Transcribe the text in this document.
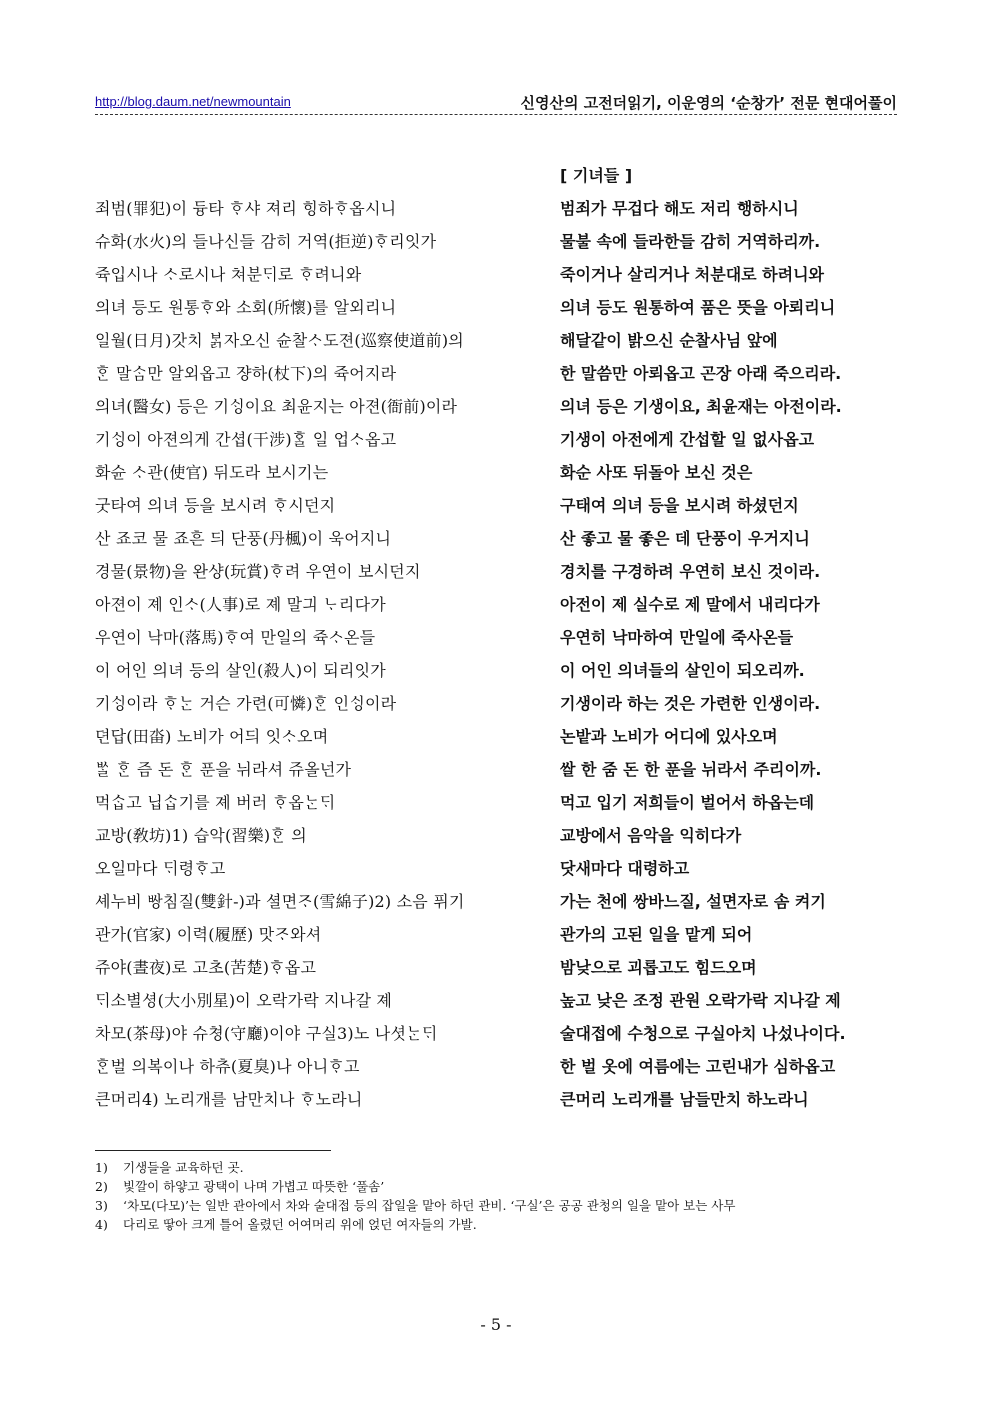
http://blog.daum.net/newmountain	신영산의 고전더읽기, 이운영의 ‘순창가’ 전문 현대어풀이
[ 기녀들 ]
죄범(罪犯)이 듕타 ᄒᆞ샤 져리 힝하ᄒᆞ옵시니
슈화(水火)의 들나신들 감히 거역(拒逆)ᄒᆞ리잇가
쥭입시나 ᄉᆞ로시나 쳐분ᄃᆡ로 ᄒᆞ려니와
의녀 등도 원통ᄒᆞ와 소회(所懷)를 알외리니
일월(日月)갓치 ᄇᆞᆰ자오신 슌찰ᄉᆞ도젼(巡察使道前)의
ᄒᆞᆫ 말ᄉᆞᆷ만 알외옵고 쟝하(杖下)의 쥭어지라
의녀(醫女) 등은 기ᄉᆡᆼ이요 최윤지는 아젼(衙前)이라
기ᄉᆡᆼ이 아젼의게 간셥(干涉)ᄒᆞᆯ 일 업ᄉᆞ옵고
화슌 ᄉᆞ관(使官) 뒤도라 보시기는
굿타여 의녀 등을 보시려 ᄒᆞ시던지
산 죠코 물 죠흔 듸 단풍(丹楓)이 욱어지니
경물(景物)을 완샹(玩賞)ᄒᆞ려 우연이 보시던지
아젼이 졔 인ᄉᆞ(人事)로 졔 말긔 ᄂᆞ리다가
우연이 낙마(落馬)ᄒᆞ여 만일의 쥭ᄉᆞ온들
이 어인 의녀 등의 살인(殺人)이 되리잇가
기ᄉᆡᆼ이라 ᄒᆞᄂᆞᆫ 거슨 가련(可憐)ᄒᆞᆫ 인ᄉᆡᆼ이라
뎐답(田畓) 노비가 어듸 잇ᄉᆞ오며
ᄡᆞᆯ ᄒᆞᆫ 즘 돈 ᄒᆞᆫ 푼을 뉘라셔 쥬올넌가
먹ᄉᆞᆸ고 닙ᄉᆞᆸ기를 졔 버러 ᄒᆞ옵ᄂᆞᆫᄃᆡ
교방(敎坊)1) 습악(習樂)ᄒᆞᆫ 의
오일마다 ᄃᆡ령ᄒᆞ고
셰누비 ᄡᅡᆼ침질(雙針-)과 셜면ᄌᆞ(雪綿子)2) 소음 퓌기
관가(官家) 이력(履歷) 맛ᄌᆞ와셔
쥬야(晝夜)로 고초(苦楚)ᄒᆞ옵고
ᄃᆡ소별셩(大小別星)이 오락가락 지나갈 졔
차모(茶母)야 슈쳥(守廳)이야 구실3)노 나셧ᄂᆞᆫᄃᆡ
ᄒᆞᆫ벌 의복이나 하츄(夏臭)나 아니ᄒᆞ고
큰머리4) 노리개를 남만치나 ᄒᆞ노라니
범죄가 무겁다 해도 저리 행하시니
물불 속에 들라한들 감히 거역하리까.
죽이거나 살리거나 처분대로 하려니와
의녀 등도 원통하여 품은 뜻을 아뢰리니
해달같이 밝으신 순찰사님 앞에
한 말씀만 아뢰옵고 곤장 아래 죽으리라.
의녀 등은 기생이요, 최윤재는 아전이라.
기생이 아전에게 간섭할 일 없사옵고
화순 사또 뒤돌아 보신 것은
구태여 의녀 등을 보시려 하셨던지
산 좋고 물 좋은 데 단풍이 우거지니
경치를 구경하려 우연히 보신 것이라.
아전이 제 실수로 제 말에서 내리다가
우연히 낙마하여 만일에 죽사온들
이 어인 의녀들의 살인이 되오리까.
기생이라 하는 것은 가련한 인생이라.
논밭과 노비가 어디에 있사오며
쌀 한 줌 돈 한 푼을 뉘라서 주리이까.
먹고 입기 저희들이 벌어서 하옵는데
교방에서 음악을 익히다가
닷새마다 대령하고
가는 천에 쌍바느질, 설면자로 솜 켜기
관가의 고된 일을 맡게 되어
밤낮으로 괴롭고도 힘드오며
높고 낮은 조정 관원 오락가락 지나갈 제
술대접에 수청으로 구실아치 나섰나이다.
한 벌 옷에 여름에는 고린내가 심하옵고
큰머리 노리개를 남들만치 하노라니
1) 기생들을 교육하던 곳.
2) 빛깔이 하얗고 광택이 나며 가볍고 따뜻한 ‘풀솜’
3) ‘차모(다모)’는 일반 관아에서 차와 술대접 등의 잡일을 맡아 하던 관비. ‘구실’은 공공 관청의 일을 맡아 보는 사무
4) 다리로 땋아 크게 틀어 올렸던 어여머리 위에 얹던 여자들의 가발.
- 5 -
